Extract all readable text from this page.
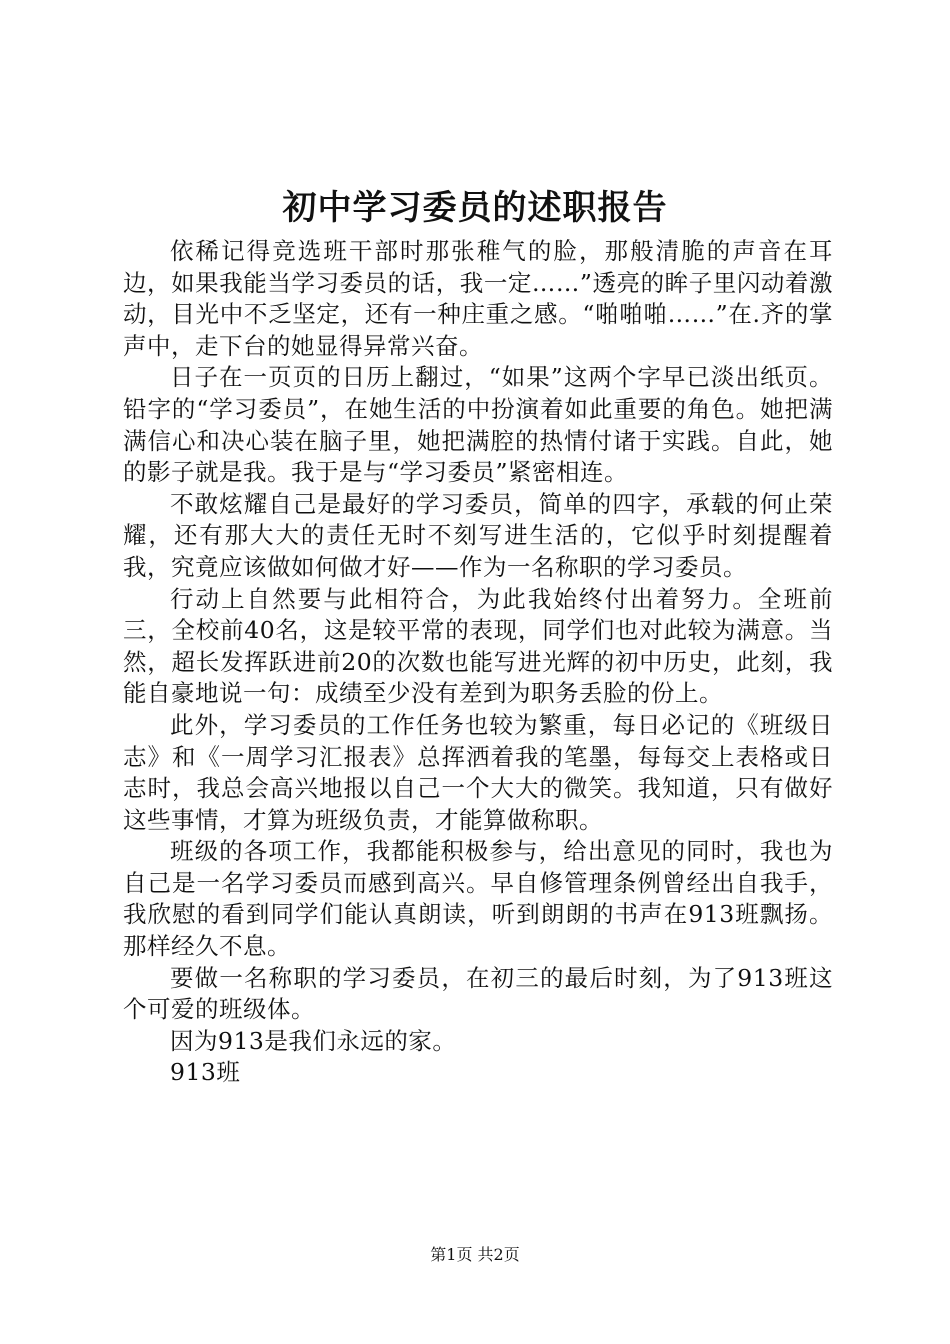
初中学习委员的述职报告

依稀记得竞选班干部时那张稚气的脸，那般清脆的声音在耳边，如果我能当学习委员的话，我一定……”透亮的眸子里闪动着激动，目光中不乏坚定，还有一种庄重之感。“啪啪啪……”在.齐的掌声中，走下台的她显得异常兴奋。

日子在一页页的日历上翻过，“如果”这两个字早已淡出纸页。铅字的“学习委员”，在她生活的中扮演着如此重要的角色。她把满满信心和决心装在脑子里，她把满腔的热情付诸于实践。自此，她的影子就是我。我于是与“学习委员”紧密相连。

不敢炫耀自己是最好的学习委员，简单的四字，承载的何止荣耀，还有那大大的责任无时不刻写进生活的，它似乎时刻提醒着我，究竟应该做如何做才好——作为一名称职的学习委员。

行动上自然要与此相符合，为此我始终付出着努力。全班前三，全校前40名，这是较平常的表现，同学们也对此较为满意。当然，超长发挥跃进前20的次数也能写进光辉的初中历史，此刻，我能自豪地说一句：成绩至少没有差到为职务丢脸的份上。

此外，学习委员的工作任务也较为繁重，每日必记的《班级日志》和《一周学习汇报表》总挥洒着我的笔墨，每每交上表格或日志时，我总会高兴地报以自己一个大大的微笑。我知道，只有做好这些事情，才算为班级负责，才能算做称职。

班级的各项工作，我都能积极参与，给出意见的同时，我也为自己是一名学习委员而感到高兴。早自修管理条例曾经出自我手，我欣慰的看到同学们能认真朗读，听到朗朗的书声在913班飘扬。那样经久不息。

要做一名称职的学习委员，在初三的最后时刻，为了913班这个可爱的班级体。

因为913是我们永远的家。

913班

第1页 共2页
